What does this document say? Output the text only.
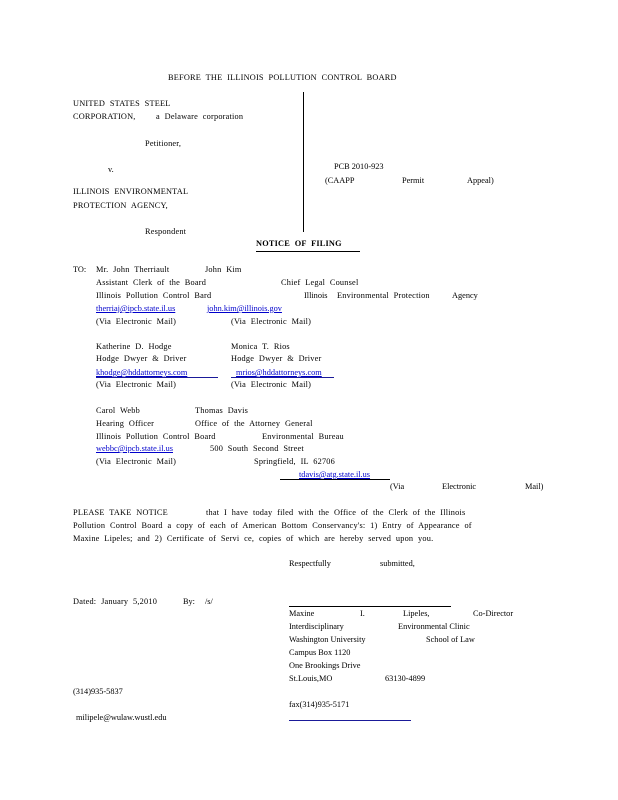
BEFORE THE ILLINOIS POLLUTION CONTROL BOARD
UNITED STATES STEEL
CORPORATION, a Delaware corporation
Petitioner,
v.
ILLINOIS ENVIRONMENTAL
PROTECTION AGENCY,
Respondent
PCB 2010-923
(CAAPP	Permit	Appeal)
NOTICE OF FILING
TO: Mr. John Therriault
Assistant Clerk of the Board
Illinois Pollution Control Bard
therriaj@ipcb.state.il.us
(Via Electronic Mail)
John Kim
Chief Legal Counsel
Illinois Environmental Protection	Agency
john.kim@illinois.gov
(Via Electronic Mail)
Katherine D. Hodge
Hodge Dwyer & Driver
khodge@hddattorneys.com
(Via Electronic Mail)
Monica T. Rios
Hodge Dwyer & Driver
mrios@hddattorneys.com
(Via Electronic Mail)
Carol Webb
Hearing Officer
Illinois Pollution Control Board
webbc@ipcb.state.il.us
(Via Electronic Mail)
Thomas Davis
Office of the Attorney General
Environmental Bureau
500 South Second Street
Springfield, IL 62706
tdavis@atg.state.il.us
(Via	Electronic	Mail)
PLEASE TAKE NOTICE	that I have today filed with the Office of the Clerk of the Illinois
Pollution Control Board a copy of each of American Bottom Conservancy's: 1) Entry of Appearance of
Maxine Lipeles; and 2) Certificate of Servi ce, copies of which are hereby served upon you.
Respectfully	submitted,
Dated: January 5,2010	By: /s/
Maxine	I.	Lipeles,	Co-Director
Interdisciplinary	Environmental Clinic
Washington University	School of Law
Campus Box 1120
One Brookings Drive
St.Louis,MO	63130-4899
(314)935-5837
fax(314)935-5171
milipele@wulaw.wustl.edu
